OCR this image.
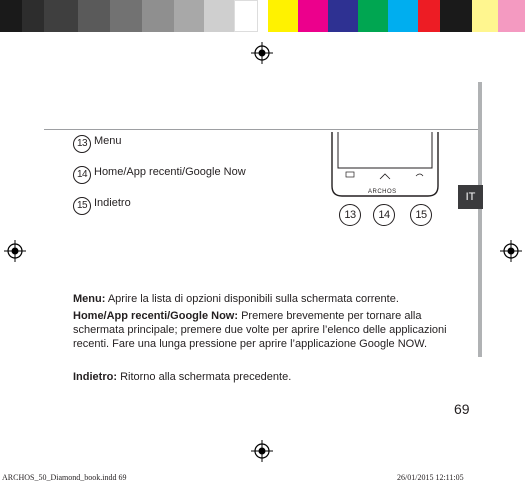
IT
13 Menu
14 Home/App recenti/Google Now
15 Indietro
ARCHOS
13	14	15
Menu: Aprire la lista di opzioni disponibili sulla schermata corrente.
Home/App recenti/Google Now: Premere brevemente per tornare alla schermata principale; premere due volte per aprire l’elenco delle applicazioni recenti. Fare una lunga pressione per aprire l’applicazione Google NOW.
Indietro: Ritorno alla schermata precedente.
69
ARCHOS_50_Diamond_book.indd 69	26/01/2015 12:11:05
